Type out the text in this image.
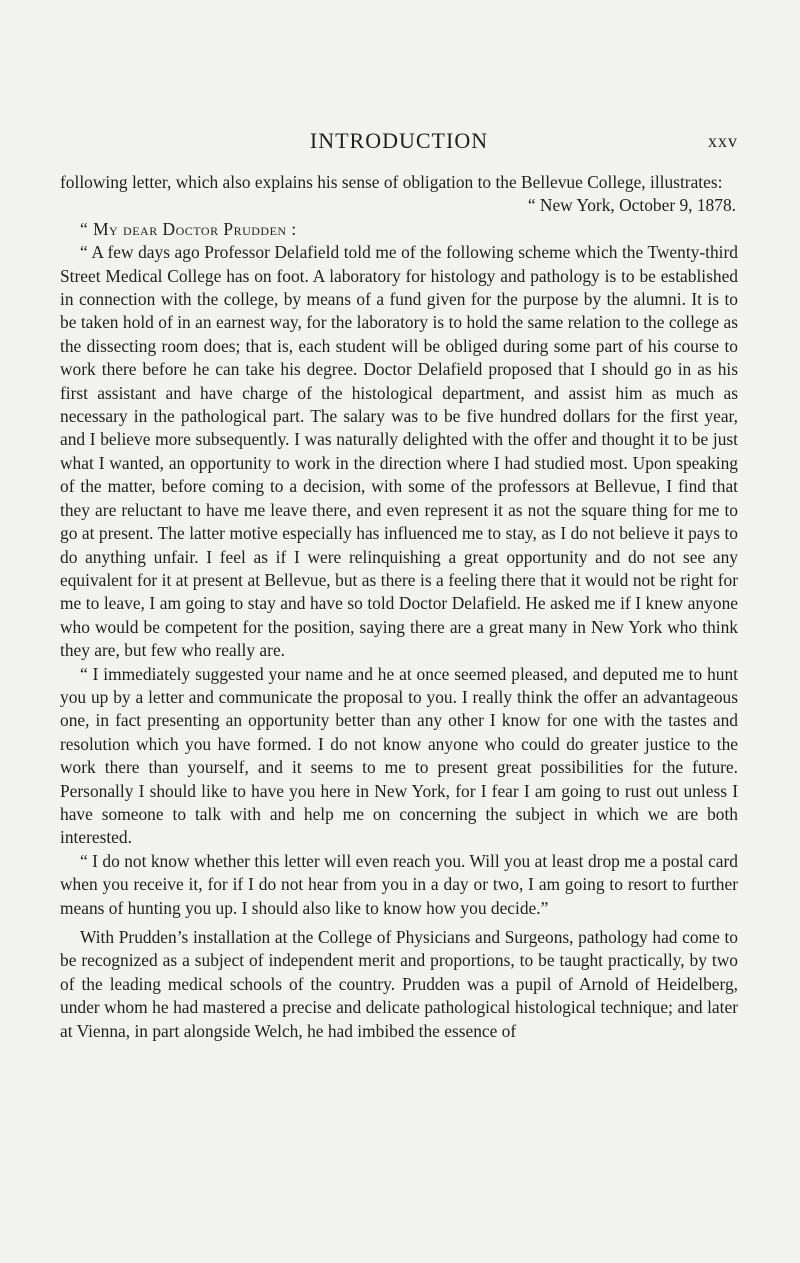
INTRODUCTION	xxv

following letter, which also explains his sense of obligation to the Bellevue College, illustrates:

“ New York, October 9, 1878.

“ My dear Doctor Prudden :

“ A few days ago Professor Delafield told me of the following scheme which the Twenty-third Street Medical College has on foot. A laboratory for histology and pathology is to be established in connection with the college, by means of a fund given for the purpose by the alumni. It is to be taken hold of in an earnest way, for the laboratory is to hold the same relation to the college as the dissecting room does; that is, each student will be obliged during some part of his course to work there before he can take his degree. Doctor Delafield proposed that I should go in as his first assistant and have charge of the histological department, and assist him as much as necessary in the pathological part. The salary was to be five hundred dollars for the first year, and I believe more subsequently. I was naturally delighted with the offer and thought it to be just what I wanted, an opportunity to work in the direction where I had studied most. Upon speaking of the matter, before coming to a decision, with some of the professors at Bellevue, I find that they are reluctant to have me leave there, and even represent it as not the square thing for me to go at present. The latter motive especially has influenced me to stay, as I do not believe it pays to do anything unfair. I feel as if I were relinquishing a great opportunity and do not see any equivalent for it at present at Bellevue, but as there is a feeling there that it would not be right for me to leave, I am going to stay and have so told Doctor Delafield. He asked me if I knew anyone who would be competent for the position, saying there are a great many in New York who think they are, but few who really are.

“ I immediately suggested your name and he at once seemed pleased, and deputed me to hunt you up by a letter and communicate the proposal to you. I really think the offer an advantageous one, in fact presenting an opportunity better than any other I know for one with the tastes and resolution which you have formed. I do not know anyone who could do greater justice to the work there than yourself, and it seems to me to present great possibilities for the future. Personally I should like to have you here in New York, for I fear I am going to rust out unless I have someone to talk with and help me on concerning the subject in which we are both interested.

“ I do not know whether this letter will even reach you. Will you at least drop me a postal card when you receive it, for if I do not hear from you in a day or two, I am going to resort to further means of hunting you up. I should also like to know how you decide.”

With Prudden’s installation at the College of Physicians and Surgeons, pathology had come to be recognized as a subject of independent merit and proportions, to be taught practically, by two of the leading medical schools of the country. Prudden was a pupil of Arnold of Heidelberg, under whom he had mastered a precise and delicate pathological histological technique; and later at Vienna, in part alongside Welch, he had imbibed the essence of
